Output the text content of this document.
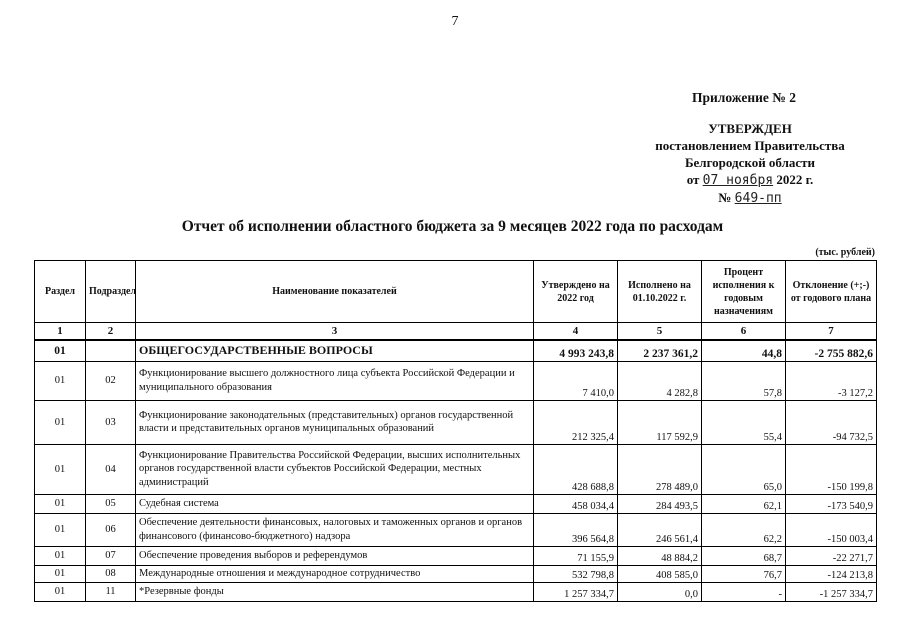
7
Приложение № 2
УТВЕРЖДЕН
постановлением Правительства
Белгородской области
от 07 ноября 2022 г.
№ 649-пп
Отчет об исполнении областного бюджета за 9 месяцев 2022 года по расходам
(тыс. рублей)
Раздел	Подраздел	Наименование показателей	Утверждено на 2022 год	Исполнено на 01.10.2022 г.	Процент исполнения к годовым назначениям	Отклонение (+;-) от годового плана
1	2	3	4	5	6	7
01		ОБЩЕГОСУДАРСТВЕННЫЕ ВОПРОСЫ	4 993 243,8	2 237 361,2	44,8	-2 755 882,6
01	02	Функционирование высшего должностного лица субъекта Российской Федерации и муниципального образования	7 410,0	4 282,8	57,8	-3 127,2
01	03	Функционирование законодательных (представительных) органов государственной власти и представительных органов муниципальных образований	212 325,4	117 592,9	55,4	-94 732,5
01	04	Функционирование Правительства Российской Федерации, высших исполнительных органов государственной власти субъектов Российской Федерации, местных администраций	428 688,8	278 489,0	65,0	-150 199,8
01	05	Судебная система	458 034,4	284 493,5	62,1	-173 540,9
01	06	Обеспечение деятельности финансовых, налоговых и таможенных органов и органов финансового (финансово-бюджетного) надзора	396 564,8	246 561,4	62,2	-150 003,4
01	07	Обеспечение проведения выборов и референдумов	71 155,9	48 884,2	68,7	-22 271,7
01	08	Международные отношения и международное сотрудничество	532 798,8	408 585,0	76,7	-124 213,8
01	11	*Резервные фонды	1 257 334,7	0,0	-	-1 257 334,7
